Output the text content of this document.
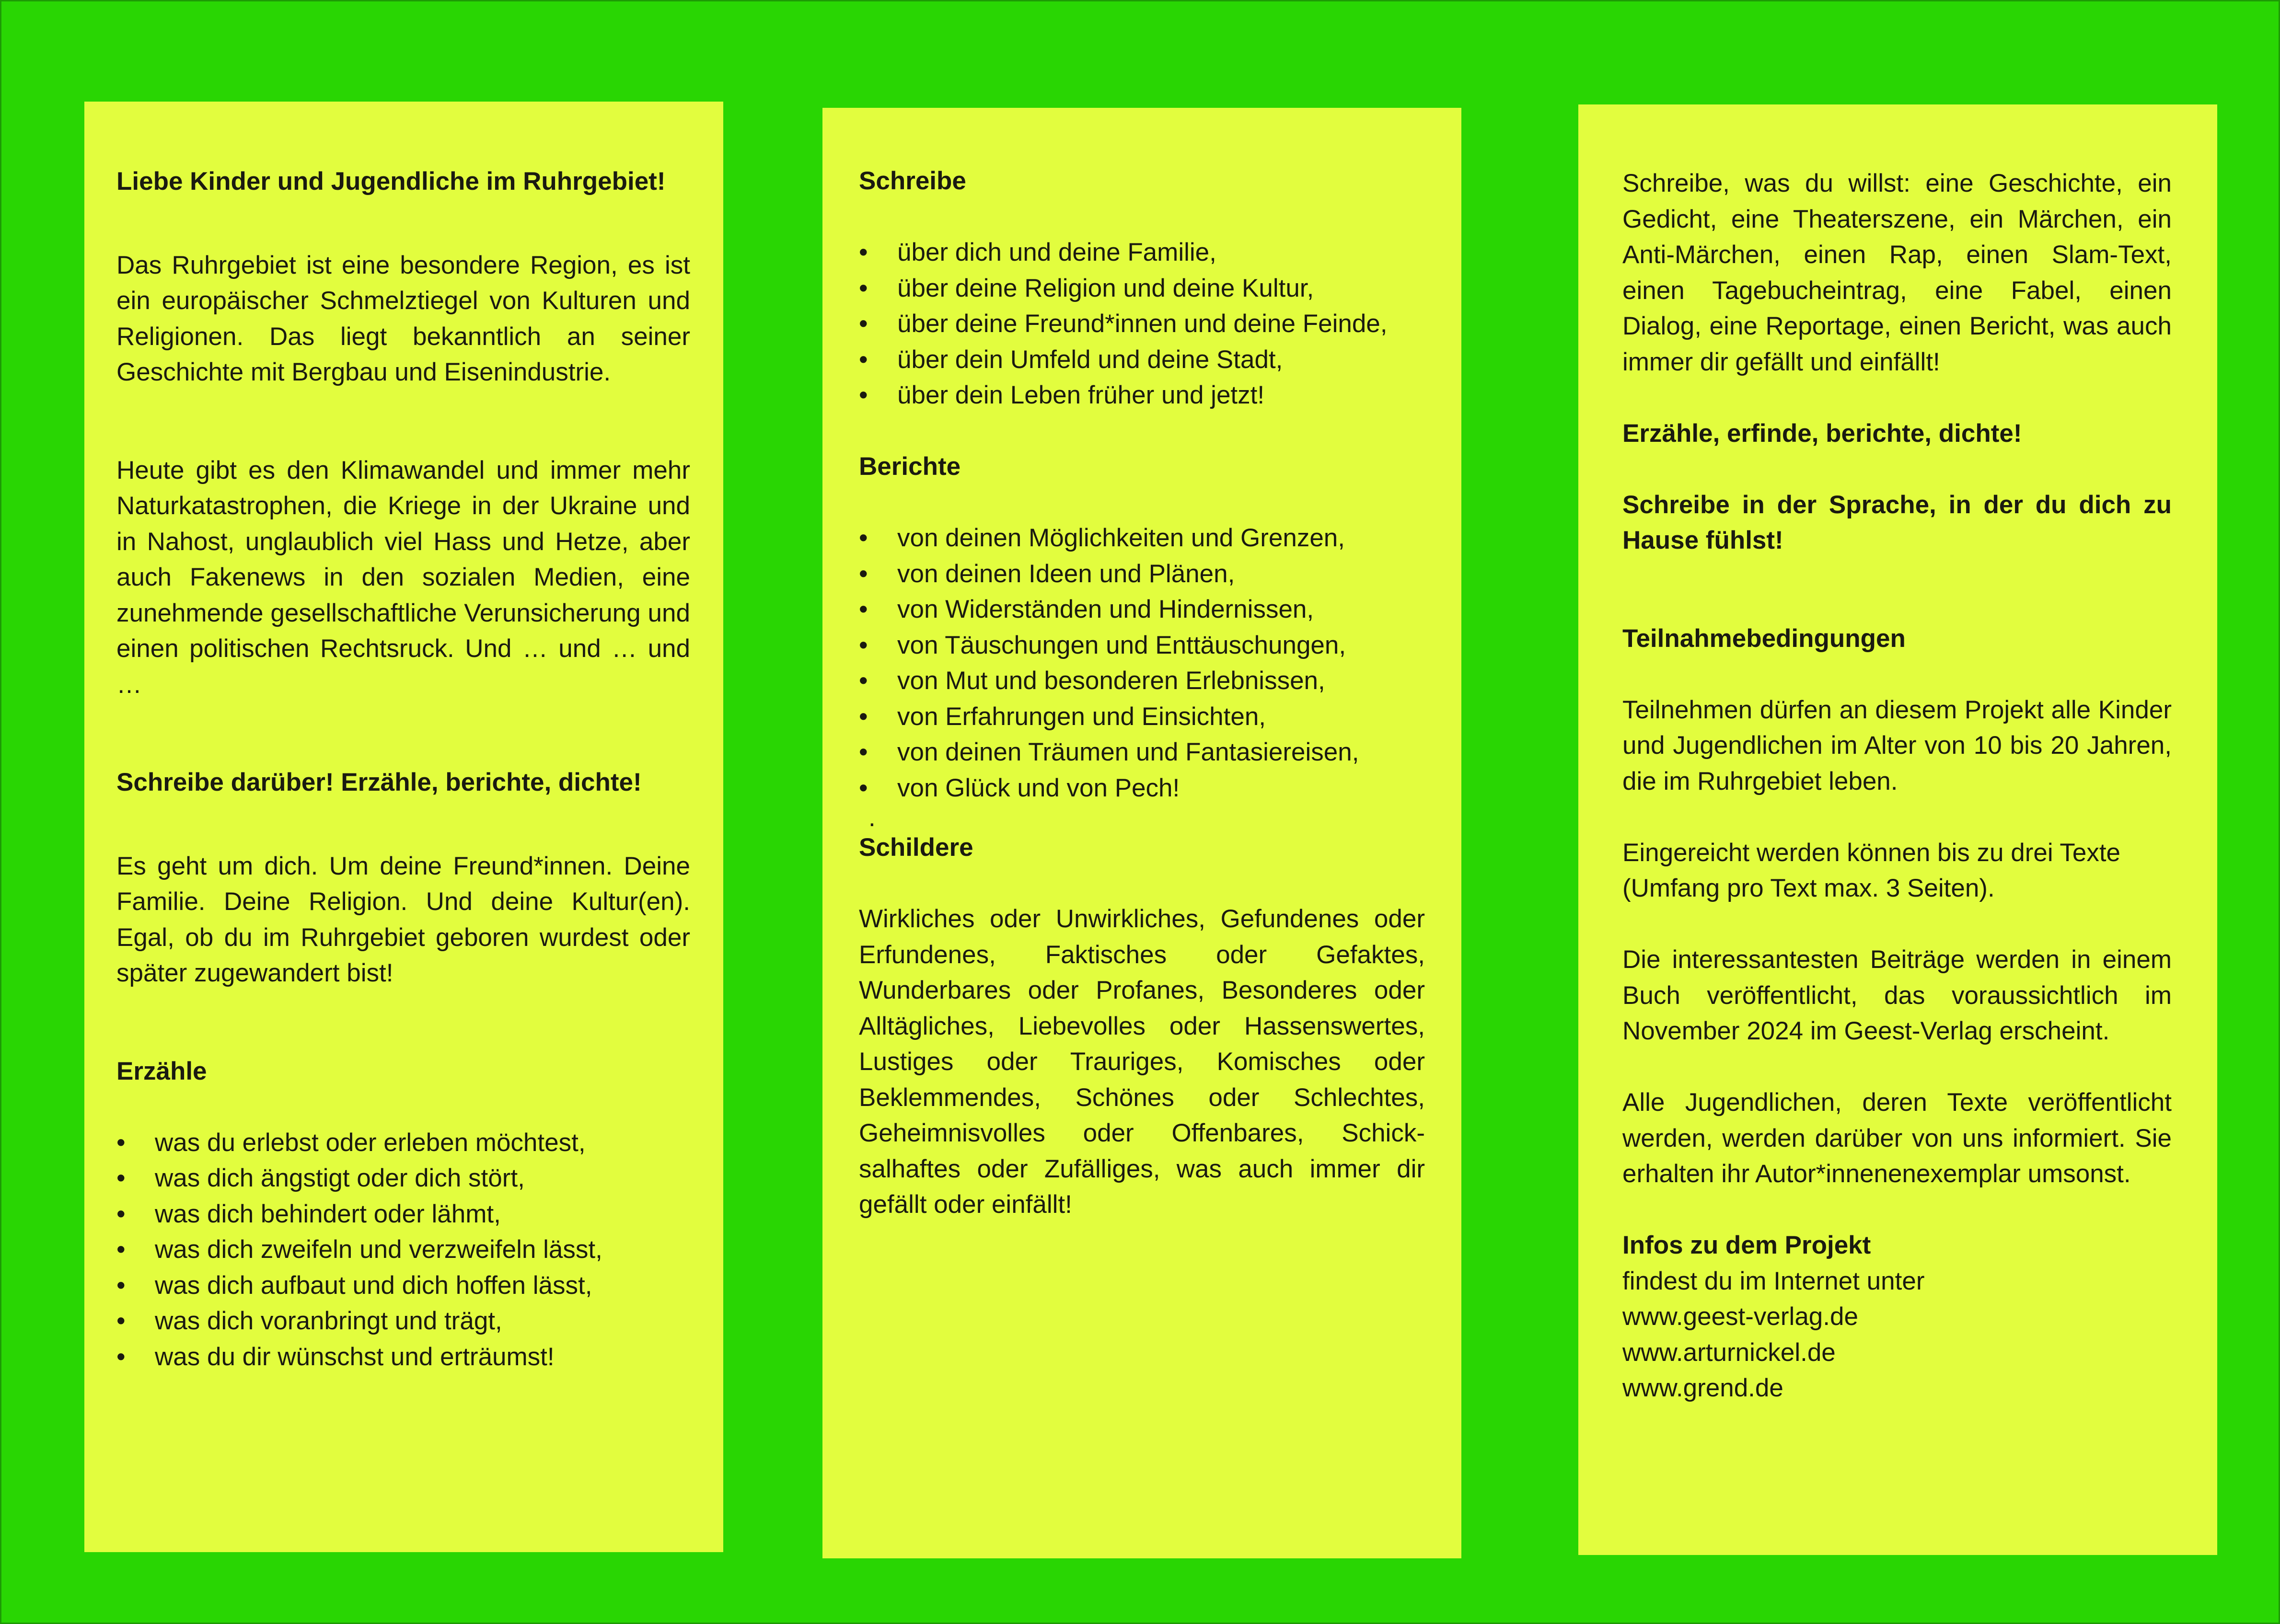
Liebe Kinder und Jugendliche im Ruhrgebiet!

Das Ruhrgebiet ist eine besondere Region, es ist ein europäischer Schmelztiegel von Kulturen und Religionen. Das liegt bekanntlich an seiner Geschichte mit Bergbau und Eisenindustrie.

Heute gibt es den Klimawandel und immer mehr Naturkatastrophen, die Kriege in der Ukraine und in Nahost, unglaublich viel Hass und Hetze, aber auch Fakenews in den sozialen Medien, eine zunehmende gesellschaftliche Verunsicherung und einen politischen Rechtsruck. Und … und … und …

Schreibe darüber! Erzähle, berichte, dichte!

Es geht um dich. Um deine Freund*innen. Deine Familie. Deine Religion. Und deine Kultur(en). Egal, ob du im Ruhrgebiet geboren wurdest oder später zugewandert bist!

Erzähle

• was du erlebst oder erleben möchtest,
• was dich ängstigt oder dich stört,
• was dich behindert oder lähmt,
• was dich zweifeln und verzweifeln lässt,
• was dich aufbaut und dich hoffen lässt,
• was dich voranbringt und trägt,
• was du dir wünschst und erträumst!

Schreibe

• über dich und deine Familie,
• über deine Religion und deine Kultur,
• über deine Freund*innen und deine Feinde,
• über dein Umfeld und deine Stadt,
• über dein Leben früher und jetzt!

Berichte

• von deinen Möglichkeiten und Grenzen,
• von deinen Ideen und Plänen,
• von Widerständen und Hindernissen,
• von Täuschungen und Enttäuschungen,
• von Mut und besonderen Erlebnissen,
• von Erfahrungen und Einsichten,
• von deinen Träumen und Fantasiereisen,
• von Glück und von Pech!

.

Schildere

Wirkliches oder Unwirkliches, Gefundenes oder Erfundenes, Faktisches oder Gefaktes, Wunderbares oder Profanes, Besonderes oder Alltägliches, Liebevolles oder Hassenswertes, Lustiges oder Trauriges, Komisches oder Beklemmendes, Schönes oder Schlechtes, Geheimnisvolles oder Offenbares, Schicksalhaftes oder Zufälliges, was auch immer dir gefällt oder einfällt!

Schreibe, was du willst: eine Geschichte, ein Gedicht, eine Theaterszene, ein Märchen, ein Anti-Märchen, einen Rap, einen Slam-Text, einen Tagebucheintrag, eine Fabel, einen Dialog, eine Reportage, einen Bericht, was auch immer dir gefällt und einfällt!

Erzähle, erfinde, berichte, dichte!

Schreibe in der Sprache, in der du dich zu Hause fühlst!

Teilnahmebedingungen

Teilnehmen dürfen an diesem Projekt alle Kinder und Jugendlichen im Alter von 10 bis 20 Jahren, die im Ruhrgebiet leben.

Eingereicht werden können bis zu drei Texte (Umfang pro Text max. 3 Seiten).

Die interessantesten Beiträge werden in einem Buch veröffentlicht, das voraussichtlich im November 2024 im Geest-Verlag erscheint.

Alle Jugendlichen, deren Texte veröffentlicht werden, werden darüber von uns informiert. Sie erhalten ihr Autor*innenenexemplar umsonst.

Infos zu dem Projekt

findest du im Internet unter

www.geest-verlag.de

www.arturnickel.de

www.grend.de
